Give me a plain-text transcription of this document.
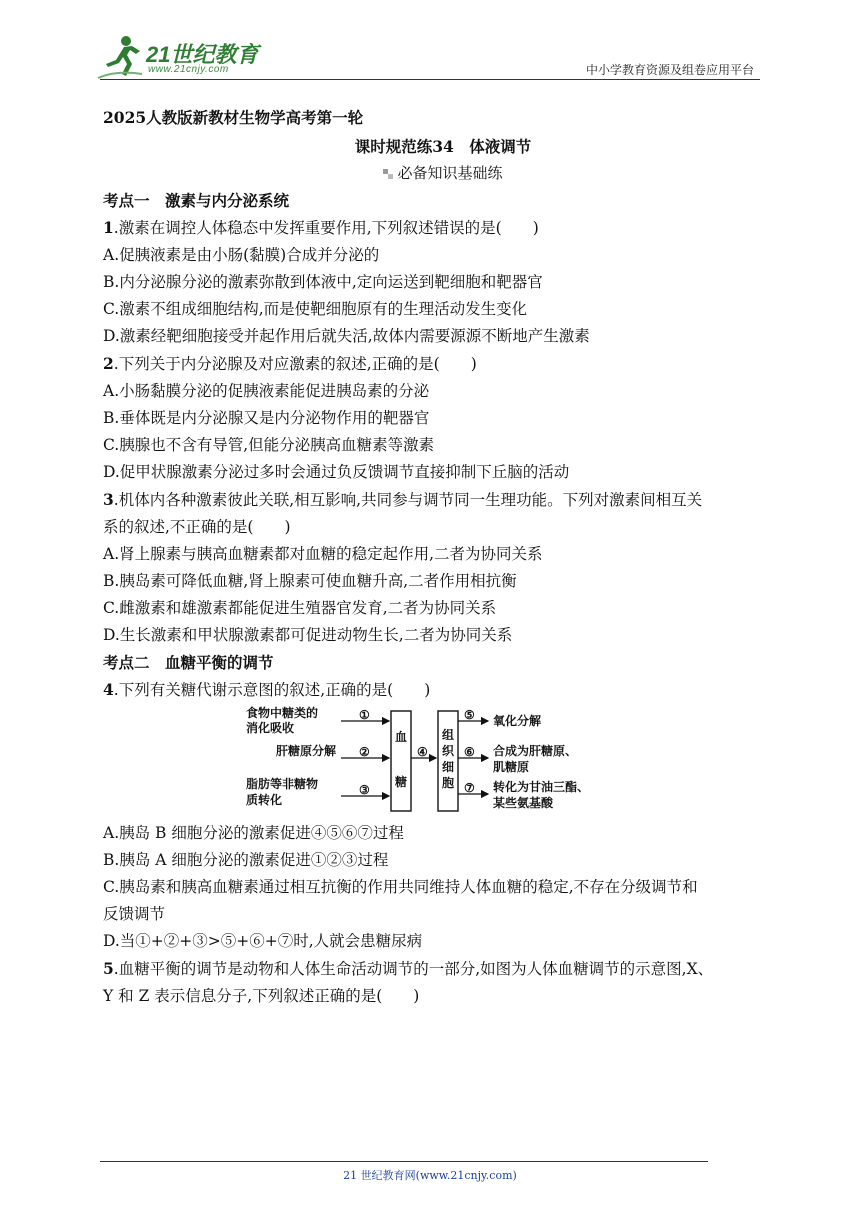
21世纪教育
www.21cnjy.com	中小学教育资源及组卷应用平台
2025人教版新教材生物学高考第一轮
课时规范练34　体液调节
必备知识基础练
考点一　激素与内分泌系统
1.激素在调控人体稳态中发挥重要作用,下列叙述错误的是(　　)
A.促胰液素是由小肠(黏膜)合成并分泌的
B.内分泌腺分泌的激素弥散到体液中,定向运送到靶细胞和靶器官
C.激素不组成细胞结构,而是使靶细胞原有的生理活动发生变化
D.激素经靶细胞接受并起作用后就失活,故体内需要源源不断地产生激素
2.下列关于内分泌腺及对应激素的叙述,正确的是(　　)
A.小肠黏膜分泌的促胰液素能促进胰岛素的分泌
B.垂体既是内分泌腺又是内分泌物作用的靶器官
C.胰腺也不含有导管,但能分泌胰高血糖素等激素
D.促甲状腺激素分泌过多时会通过负反馈调节直接抑制下丘脑的活动
3.机体内各种激素彼此关联,相互影响,共同参与调节同一生理功能。下列对激素间相互关
系的叙述,不正确的是(　　)
A.肾上腺素与胰高血糖素都对血糖的稳定起作用,二者为协同关系
B.胰岛素可降低血糖,肾上腺素可使血糖升高,二者作用相抗衡
C.雌激素和雄激素都能促进生殖器官发育,二者为协同关系
D.生长激素和甲状腺激素都可促进动物生长,二者为协同关系
考点二　血糖平衡的调节
4.下列有关糖代谢示意图的叙述,正确的是(　　)
食物中糖类的
消化吸收
肝糖原分解
脂肪等非糖物
质转化
①
②
③
④
血
糖
组
织
细
胞
⑤
⑥
⑦
氧化分解
合成为肝糖原、
肌糖原
转化为甘油三酯、
某些氨基酸
A.胰岛 B 细胞分泌的激素促进④⑤⑥⑦过程
B.胰岛 A 细胞分泌的激素促进①②③过程
C.胰岛素和胰高血糖素通过相互抗衡的作用共同维持人体血糖的稳定,不存在分级调节和
反馈调节
D.当①+②+③>⑤+⑥+⑦时,人就会患糖尿病
5.血糖平衡的调节是动物和人体生命活动调节的一部分,如图为人体血糖调节的示意图,X、
Y 和 Z 表示信息分子,下列叙述正确的是(　　)
21 世纪教育网(www.21cnjy.com)
